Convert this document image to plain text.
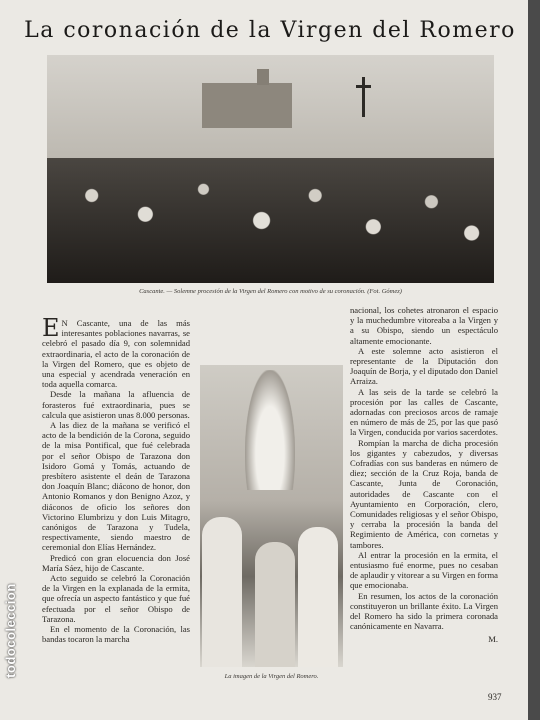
La coronación de la Virgen del Romero
Cascante. — Solemne procesión de la Virgen del Romero con motivo de su coronación. (Fot. Gómez)

E N Cascante, una de las más interesantes poblaciones navarras, se celebró el pasado día 9, con solemnidad extraordinaria, el acto de la coronación de la Virgen del Romero, que es objeto de una especial y acendrada veneración en toda aquella comarca.

Desde la mañana la afluencia de forasteros fué extraordinaria, pues se calcula que asistieron unas 8.000 personas.

A las diez de la mañana se verificó el acto de la bendición de la Corona, seguido de la misa Pontifical, que fué celebrada por el señor Obispo de Tarazona don Isidoro Gomá y Tomás, actuando de presbítero asistente el deán de Tarazona don Joaquín Blanc; diácono de honor, don Antonio Romanos y don Benigno Azoz, y diáconos de oficio los señores don Victorino Elumbrizu y don Luis Mitagro, canónigos de Tarazona y Tudela, respectivamente, siendo maestro de ceremonial don Elías Hernández.

Predicó con gran elocuencia don José María Sáez, hijo de Cascante.

Acto seguido se celebró la Coronación de la Virgen en la explanada de la ermita, que ofrecía un aspecto fantástico y que fué efectuada por el señor Obispo de Tarazona.

En el momento de la Coronación, las bandas tocaron la marcha

La imagen de la Virgen del Romero.

nacional, los cohetes atronaron el espacio y la muchedumbre vitoreaba a la Virgen y a su Obispo, siendo un espectáculo altamente emocionante.

A este solemne acto asistieron el representante de la Diputación don Joaquín de Borja, y el diputado don Daniel Arraiza.

A las seis de la tarde se celebró la procesión por las calles de Cascante, adornadas con preciosos arcos de ramaje en número de más de 25, por las que pasó la Virgen, conducida por varios sacerdotes.

Rompían la marcha de dicha procesión los gigantes y cabezudos, y diversas Cofradías con sus banderas en número de diez; sección de la Cruz Roja, banda de Cascante, Junta de Coronación, autoridades de Cascante con el Ayuntamiento en Corporación, clero, Comunidades religiosas y el señor Obispo, y cerraba la procesión la banda del Regimiento de América, con cornetas y tambores.

Al entrar la procesión en la ermita, el entusiasmo fué enorme, pues no cesaban de aplaudir y vitorear a su Virgen en forma que emocionaba.

En resumen, los actos de la coronación constituyeron un brillante éxito. La Virgen del Romero ha sido la primera coronada canónicamente en Navarra.

M.
937
todocoleccion
